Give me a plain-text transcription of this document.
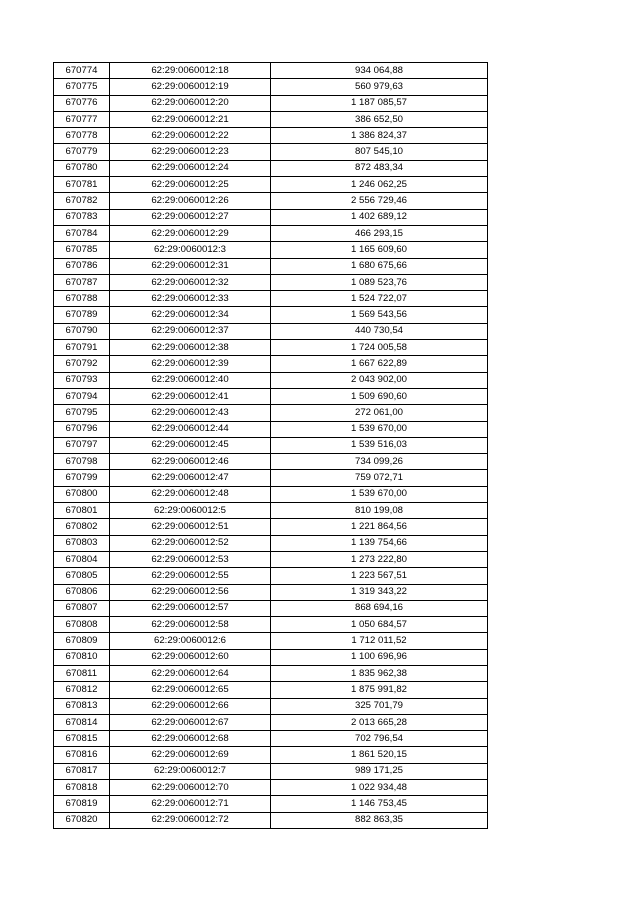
670774	62:29:0060012:18	934 064,88
670775	62:29:0060012:19	560 979,63
670776	62:29:0060012:20	1 187 085,57
670777	62:29:0060012:21	386 652,50
670778	62:29:0060012:22	1 386 824,37
670779	62:29:0060012:23	807 545,10
670780	62:29:0060012:24	872 483,34
670781	62:29:0060012:25	1 246 062,25
670782	62:29:0060012:26	2 556 729,46
670783	62:29:0060012:27	1 402 689,12
670784	62:29:0060012:29	466 293,15
670785	62:29:0060012:3	1 165 609,60
670786	62:29:0060012:31	1 680 675,66
670787	62:29:0060012:32	1 089 523,76
670788	62:29:0060012:33	1 524 722,07
670789	62:29:0060012:34	1 569 543,56
670790	62:29:0060012:37	440 730,54
670791	62:29:0060012:38	1 724 005,58
670792	62:29:0060012:39	1 667 622,89
670793	62:29:0060012:40	2 043 902,00
670794	62:29:0060012:41	1 509 690,60
670795	62:29:0060012:43	272 061,00
670796	62:29:0060012:44	1 539 670,00
670797	62:29:0060012:45	1 539 516,03
670798	62:29:0060012:46	734 099,26
670799	62:29:0060012:47	759 072,71
670800	62:29:0060012:48	1 539 670,00
670801	62:29:0060012:5	810 199,08
670802	62:29:0060012:51	1 221 864,56
670803	62:29:0060012:52	1 139 754,66
670804	62:29:0060012:53	1 273 222,80
670805	62:29:0060012:55	1 223 567,51
670806	62:29:0060012:56	1 319 343,22
670807	62:29:0060012:57	868 694,16
670808	62:29:0060012:58	1 050 684,57
670809	62:29:0060012:6	1 712 011,52
670810	62:29:0060012:60	1 100 696,96
670811	62:29:0060012:64	1 835 962,38
670812	62:29:0060012:65	1 875 991,82
670813	62:29:0060012:66	325 701,79
670814	62:29:0060012:67	2 013 665,28
670815	62:29:0060012:68	702 796,54
670816	62:29:0060012:69	1 861 520,15
670817	62:29:0060012:7	989 171,25
670818	62:29:0060012:70	1 022 934,48
670819	62:29:0060012:71	1 146 753,45
670820	62:29:0060012:72	882 863,35
